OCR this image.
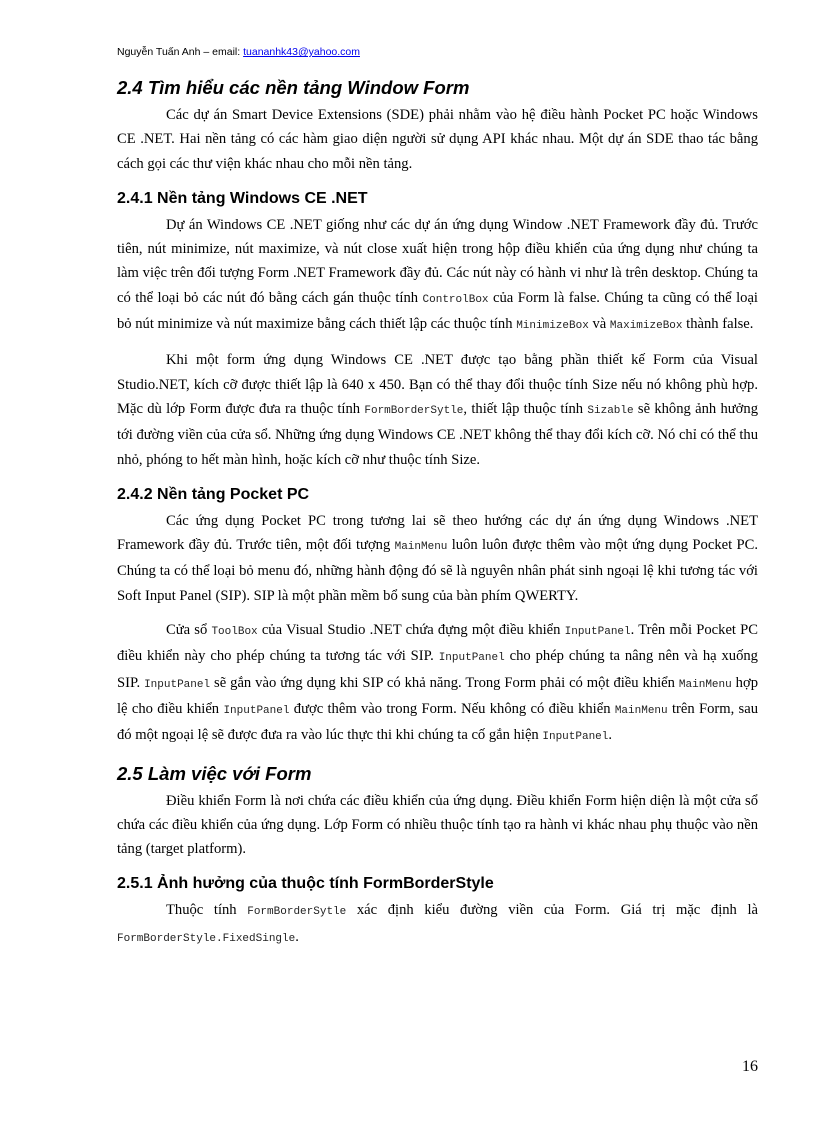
Nguyễn Tuấn Anh – email: tuananhk43@yahoo.com
2.4 Tìm hiểu các nền tảng Window Form

Các dự án Smart Device Extensions (SDE) phải nhằm vào hệ điều hành Pocket PC hoặc Windows CE .NET. Hai nền tảng có các hàm giao diện người sử dụng API khác nhau. Một dự án SDE thao tác bằng cách gọi các thư viện khác nhau cho mỗi nền tảng.

2.4.1 Nền tảng Windows CE .NET

Dự án Windows CE .NET giống như các dự án ứng dụng Window .NET Framework đầy đủ. Trước tiên, nút minimize, nút maximize, và nút close xuất hiện trong hộp điều khiển của ứng dụng như chúng ta làm việc trên đối tượng Form .NET Framework đầy đủ. Các nút này có hành vi như là trên desktop. Chúng ta có thể loại bỏ các nút đó bằng cách gán thuộc tính ControlBox của Form là false. Chúng ta cũng có thể loại bỏ nút minimize và nút maximize bằng cách thiết lập các thuộc tính MinimizeBox và MaximizeBox thành false.

Khi một form ứng dụng Windows CE .NET được tạo bằng phần thiết kế Form của Visual Studio.NET, kích cỡ được thiết lập là 640 x 450. Bạn có thể thay đổi thuộc tính Size nếu nó không phù hợp. Mặc dù lớp Form được đưa ra thuộc tính FormBorderSytle, thiết lập thuộc tính Sizable sẽ không ảnh hưởng tới đường viền của cửa sổ. Những ứng dụng Windows CE .NET không thể thay đổi kích cỡ. Nó chỉ có thể thu nhỏ, phóng to hết màn hình, hoặc kích cỡ như thuộc tính Size.

2.4.2 Nền tảng Pocket PC

Các ứng dụng Pocket PC trong tương lai sẽ theo hướng các dự án ứng dụng Windows .NET Framework đầy đủ. Trước tiên, một đối tượng MainMenu luôn luôn được thêm vào một ứng dụng Pocket PC. Chúng ta có thể loại bỏ menu đó, những hành động đó sẽ là nguyên nhân phát sinh ngoại lệ khi tương tác với Soft Input Panel (SIP). SIP là một phần mềm bổ sung của bàn phím QWERTY.

Cửa sổ ToolBox của Visual Studio .NET chứa đựng một điều khiển InputPanel. Trên mỗi Pocket PC điều khiển này cho phép chúng ta tương tác với SIP. InputPanel cho phép chúng ta nâng nên và hạ xuống SIP. InputPanel sẽ gắn vào ứng dụng khi SIP có khả năng. Trong Form phải có một điều khiển MainMenu hợp lệ cho điều khiển InputPanel được thêm vào trong Form. Nếu không có điều khiển MainMenu trên Form, sau đó một ngoại lệ sẽ được đưa ra vào lúc thực thi khi chúng ta cố gắn hiện InputPanel.

2.5 Làm việc với Form

Điều khiển Form là nơi chứa các điều khiển của ứng dụng. Điều khiển Form hiện diện là một cửa sổ chứa các điều khiển của ứng dụng. Lớp Form có nhiều thuộc tính tạo ra hành vi khác nhau phụ thuộc vào nền tảng (target platform).

2.5.1 Ảnh hưởng của thuộc tính FormBorderStyle

Thuộc tính FormBorderSytle xác định kiểu đường viền của Form. Giá trị mặc định là FormBorderStyle.FixedSingle.

16
